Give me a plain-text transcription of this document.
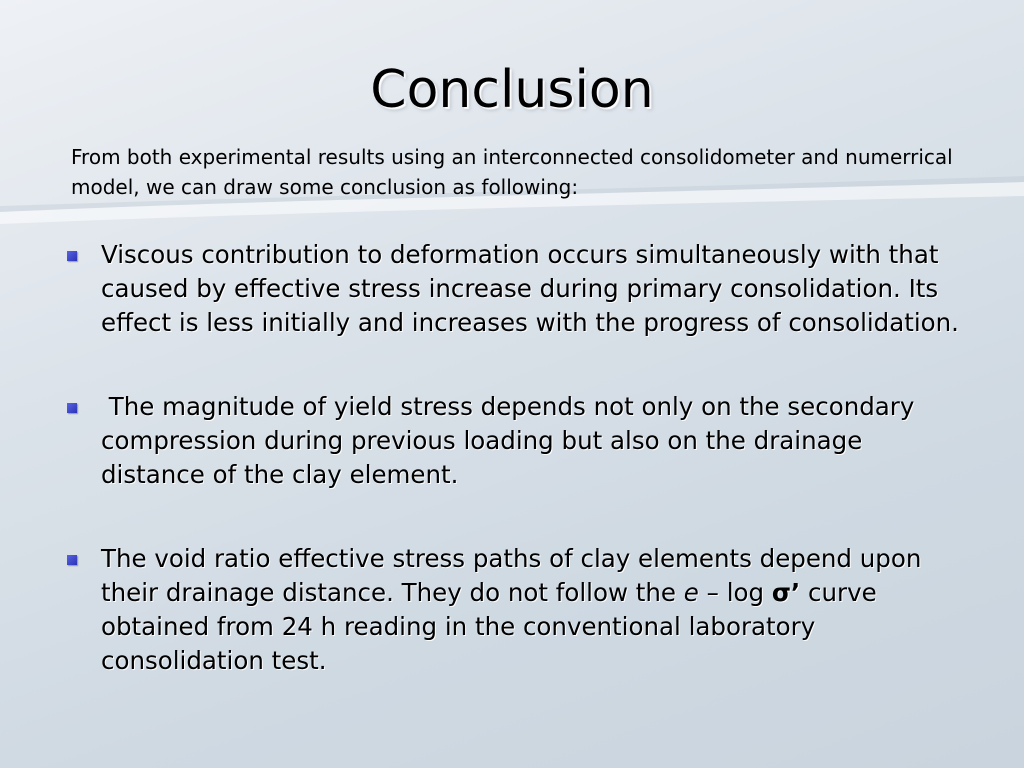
Conclusion
From both experimental results using an interconnected consolidometer and numerrical model, we can draw some conclusion as following:
Viscous contribution to deformation occurs simultaneously with that caused by effective stress increase during primary consolidation. Its effect is less initially and increases with the progress of consolidation.
The magnitude of yield stress depends not only on the secondary compression during previous loading but also on the drainage distance of the clay element.
The void ratio effective stress paths of clay elements depend upon their drainage distance. They do not follow the e – log σ’ curve obtained from 24 h reading in the conventional laboratory consolidation test.
